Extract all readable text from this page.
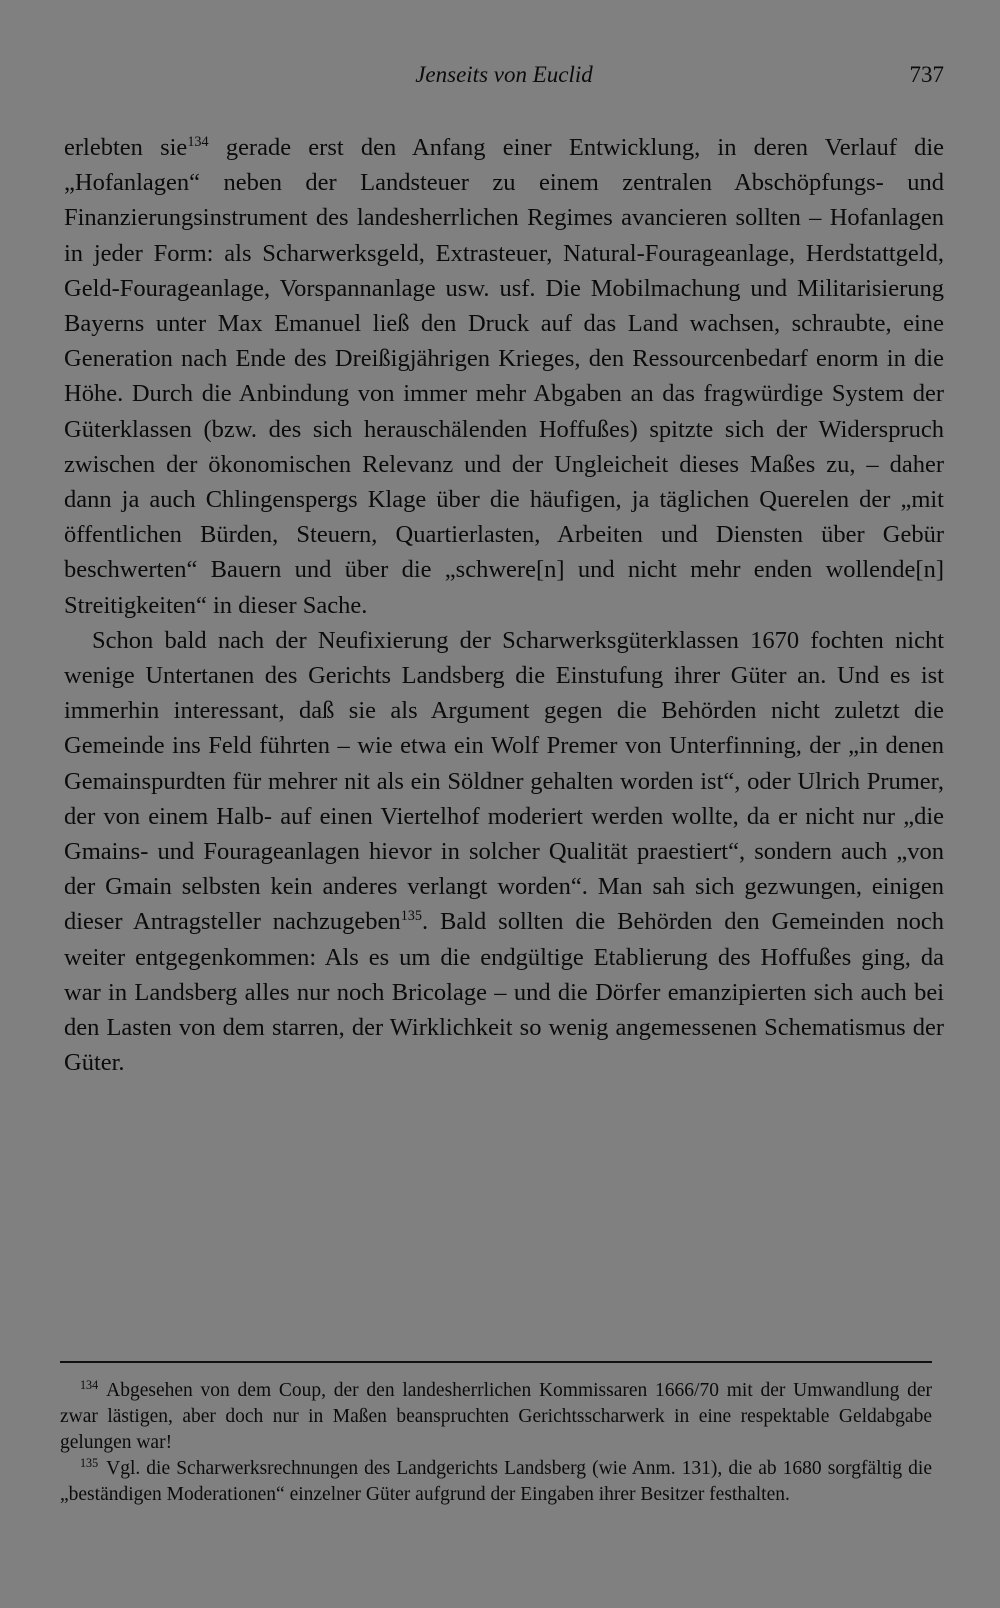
Jenseits von Euclid	737

erlebten sie$^{134}$ gerade erst den Anfang einer Entwicklung, in deren Verlauf die „Hofanlagen“ neben der Landsteuer zu einem zentralen Abschöpfungs- und Finanzierungsinstrument des landesherrlichen Regimes avancieren sollten – Hofanlagen in jeder Form: als Scharwerksgeld, Extrasteuer, Natural-Fourageanlage, Herdstattgeld, Geld-Fourageanlage, Vorspannanlage usw. usf. Die Mobilmachung und Militarisierung Bayerns unter Max Emanuel ließ den Druck auf das Land wachsen, schraubte, eine Generation nach Ende des Dreißigjährigen Krieges, den Ressourcenbedarf enorm in die Höhe. Durch die Anbindung von immer mehr Abgaben an das fragwürdige System der Güterklassen (bzw. des sich herauschälenden Hoffußes) spitzte sich der Widerspruch zwischen der ökonomischen Relevanz und der Ungleicheit dieses Maßes zu, – daher dann ja auch Chlingenspergs Klage über die häufigen, ja täglichen Querelen der „mit öffentlichen Bürden, Steuern, Quartierlasten, Arbeiten und Diensten über Gebür beschwerten“ Bauern und über die „schwere[n] und nicht mehr enden wollende[n] Streitigkeiten“ in dieser Sache.

Schon bald nach der Neufixierung der Scharwerksgüterklassen 1670 fochten nicht wenige Untertanen des Gerichts Landsberg die Einstufung ihrer Güter an. Und es ist immerhin interessant, daß sie als Argument gegen die Behörden nicht zuletzt die Gemeinde ins Feld führten – wie etwa ein Wolf Premer von Unterfinning, der „in denen Gemainspurdten für mehrer nit als ein Söldner gehalten worden ist“, oder Ulrich Prumer, der von einem Halb- auf einen Viertelhof moderiert werden wollte, da er nicht nur „die Gmains- und Fourageanlagen hievor in solcher Qualität praestiert“, sondern auch „von der Gmain selbsten kein anderes verlangt worden“. Man sah sich gezwungen, einigen dieser Antragsteller nachzugeben$^{135}$. Bald sollten die Behörden den Gemeinden noch weiter entgegenkommen: Als es um die endgültige Etablierung des Hoffußes ging, da war in Landsberg alles nur noch Bricolage – und die Dörfer emanzipierten sich auch bei den Lasten von dem starren, der Wirklichkeit so wenig angemessenen Schematismus der Güter.

$^{134}$ Abgesehen von dem Coup, der den landesherrlichen Kommissaren 1666/70 mit der Umwandlung der zwar lästigen, aber doch nur in Maßen beanspruchten Gerichtsscharwerk in eine respektable Geldabgabe gelungen war!

$^{135}$ Vgl. die Scharwerksrechnungen des Landgerichts Landsberg (wie Anm. 131), die ab 1680 sorgfältig die „beständigen Moderationen“ einzelner Güter aufgrund der Eingaben ihrer Besitzer festhalten.
